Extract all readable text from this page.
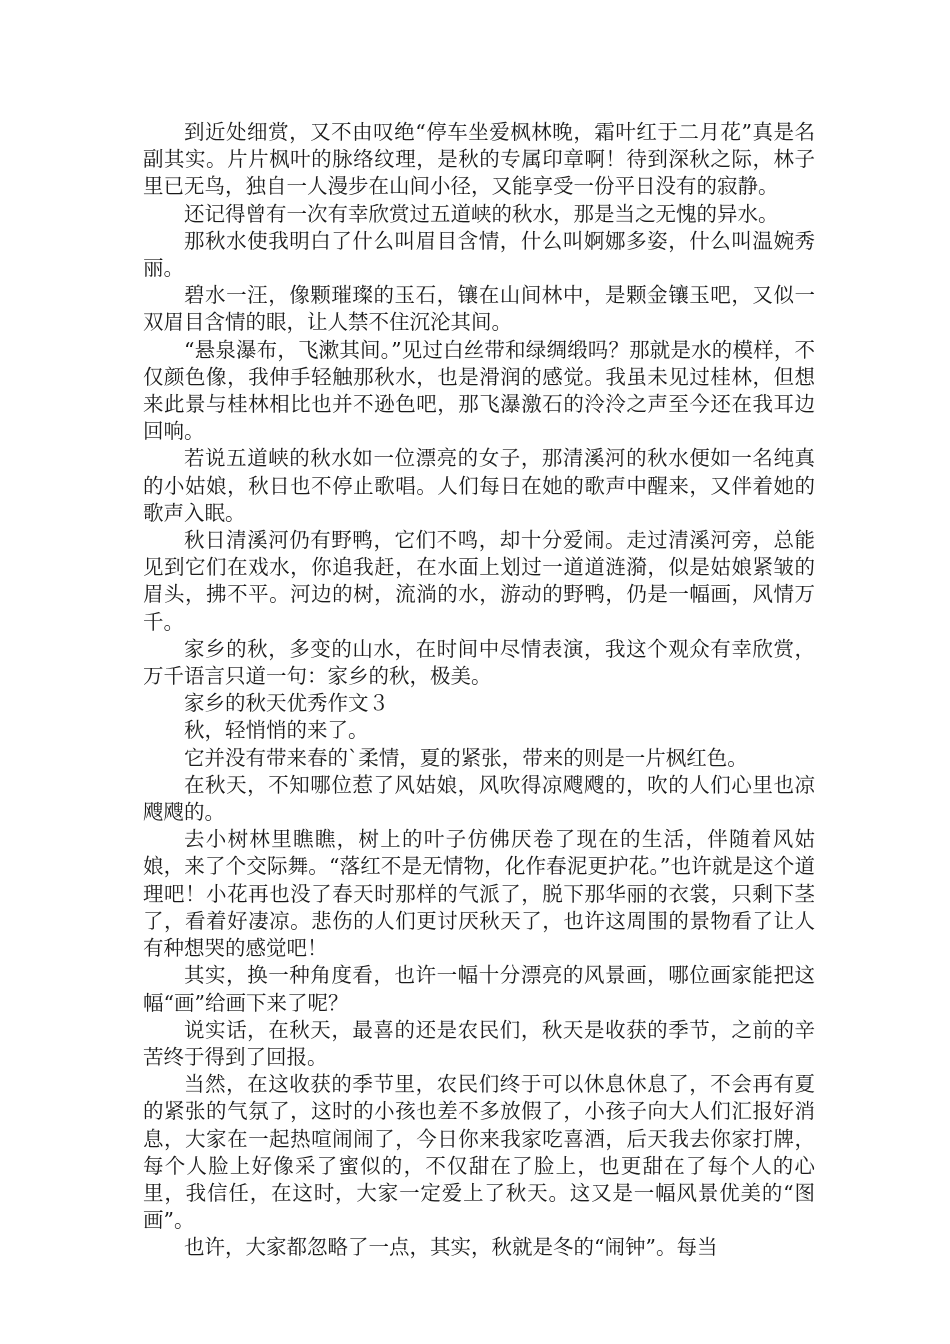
到近处细赏，又不由叹绝“停车坐爱枫林晚，霜叶红于二月花”真是名副其实。片片枫叶的脉络纹理，是秋的专属印章啊！待到深秋之际，林子里已无鸟，独自一人漫步在山间小径，又能享受一份平日没有的寂静。

还记得曾有一次有幸欣赏过五道峡的秋水，那是当之无愧的异水。

那秋水使我明白了什么叫眉目含情，什么叫婀娜多姿，什么叫温婉秀丽。

碧水一汪，像颗璀璨的玉石，镶在山间林中，是颗金镶玉吧，又似一双眉目含情的眼，让人禁不住沉沦其间。

“悬泉瀑布，飞漱其间。”见过白丝带和绿绸缎吗？那就是水的模样，不仅颜色像，我伸手轻触那秋水，也是滑润的感觉。我虽未见过桂林，但想来此景与桂林相比也并不逊色吧，那飞瀑激石的泠泠之声至今还在我耳边回响。

若说五道峡的秋水如一位漂亮的女子，那清溪河的秋水便如一名纯真的小姑娘，秋日也不停止歌唱。人们每日在她的歌声中醒来，又伴着她的歌声入眠。

秋日清溪河仍有野鸭，它们不鸣，却十分爱闹。走过清溪河旁，总能见到它们在戏水，你追我赶，在水面上划过一道道涟漪，似是姑娘紧皱的眉头，拂不平。河边的树，流淌的水，游动的野鸭，仍是一幅画，风情万千。

家乡的秋，多变的山水，在时间中尽情表演，我这个观众有幸欣赏，万千语言只道一句：家乡的秋，极美。

家乡的秋天优秀作文３

秋，轻悄悄的来了。

它并没有带来春的`柔情，夏的紧张，带来的则是一片枫红色。

在秋天，不知哪位惹了风姑娘，风吹得凉飕飕的，吹的人们心里也凉飕飕的。

去小树林里瞧瞧，树上的叶子仿佛厌卷了现在的生活，伴随着风姑娘，来了个交际舞。“落红不是无情物，化作春泥更护花。”也许就是这个道理吧！小花再也没了春天时那样的气派了，脱下那华丽的衣裳，只剩下茎了，看着好凄凉。悲伤的人们更讨厌秋天了，也许这周围的景物看了让人有种想哭的感觉吧！

其实，换一种角度看，也许一幅十分漂亮的风景画，哪位画家能把这幅“画”给画下来了呢？

说实话，在秋天，最喜的还是农民们，秋天是收获的季节，之前的辛苦终于得到了回报。

当然，在这收获的季节里，农民们终于可以休息休息了，不会再有夏的紧张的气氛了，这时的小孩也差不多放假了，小孩子向大人们汇报好消息，大家在一起热喧闹闹了，今日你来我家吃喜酒，后天我去你家打牌，每个人脸上好像采了蜜似的，不仅甜在了脸上，也更甜在了每个人的心里，我信任，在这时，大家一定爱上了秋天。这又是一幅风景优美的“图画”。

也许，大家都忽略了一点，其实，秋就是冬的“闹钟”。每当
